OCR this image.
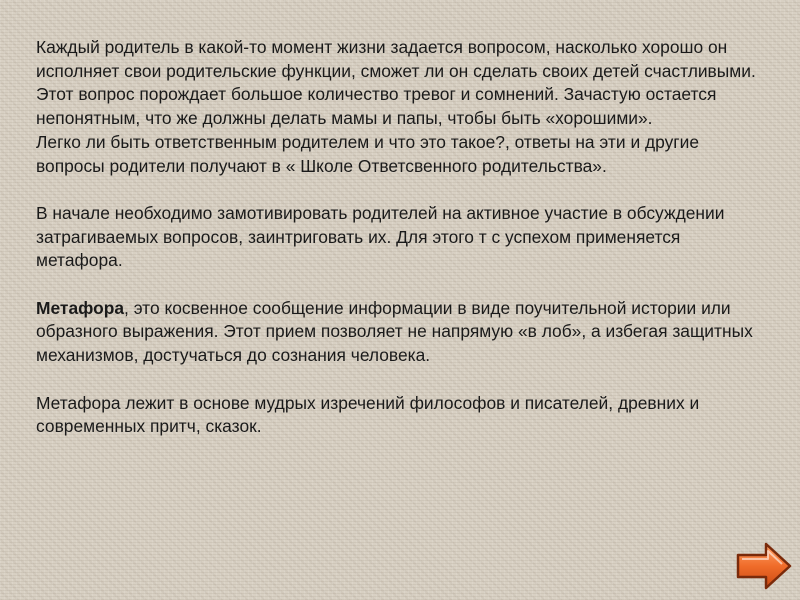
Каждый родитель в какой-то момент жизни задается вопросом, насколько хорошо он исполняет свои родительские функции, сможет ли он сделать своих детей счастливыми. Этот вопрос порождает большое количество тревог и сомнений. Зачастую остается непонятным, что же должны делать мамы и папы, чтобы быть «хорошими».

Легко ли быть ответственным родителем и что это такое?, ответы на эти и другие вопросы родители получают в « Школе Ответсвенного родительства».

В начале необходимо замотивировать родителей на активное участие в обсуждении затрагиваемых вопросов, заинтриговать их. Для этого т с успехом применяется метафора.

Метафора, это косвенное сообщение информации в виде поучительной истории или образного выражения. Этот прием позволяет не напрямую «в лоб», а избегая защитных механизмов, достучаться до сознания человека.

Метафора лежит в основе мудрых изречений философов и писателей, древних и современных притч, сказок.
